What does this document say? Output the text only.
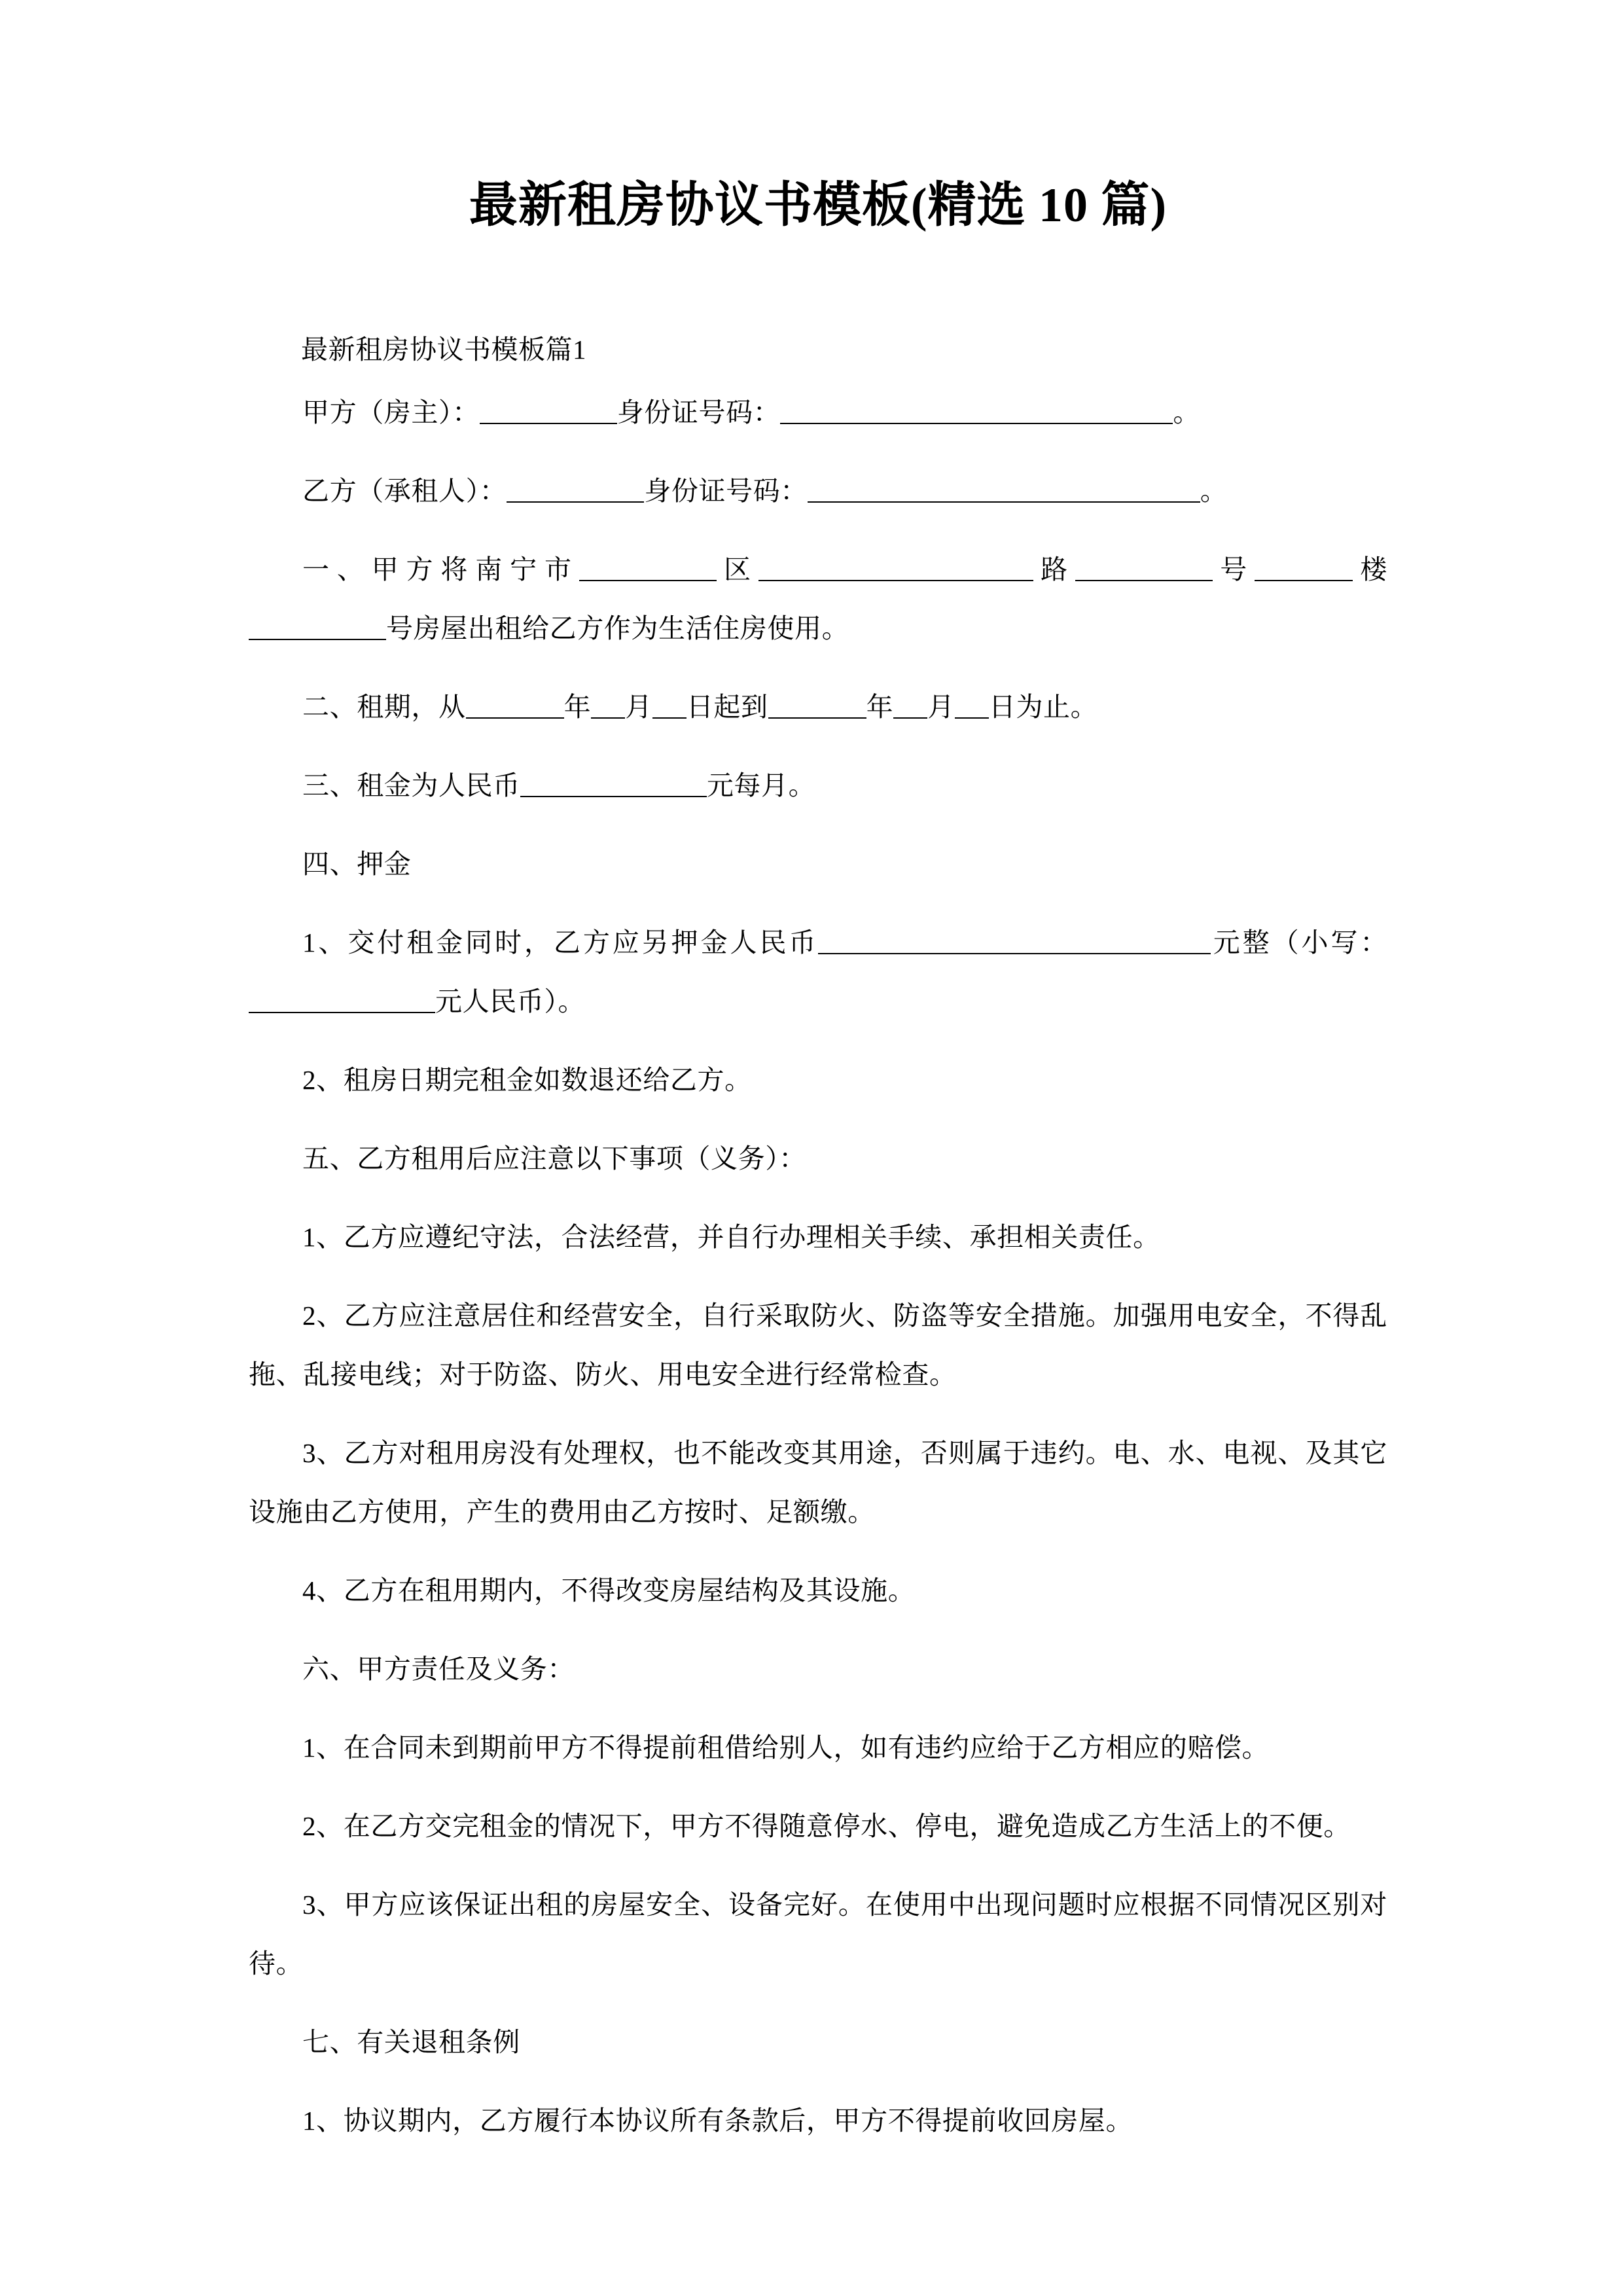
最新租房协议书模板(精选 10 篇)
最新租房协议书模板篇1

甲方（房主）：	身份证号码：	。

乙方（承租人）：	身份证号码：	。

一、甲方将南宁市	区	路	号	楼号房屋出租给乙方作为生活住房使用。

二、租期，从	年 月 日起到	年 月 日为止。

三、租金为人民币	元每月。

四、押金

1、交付租金同时，乙方应另押金人民币	元整（小写：元人民币）。

2、租房日期完租金如数退还给乙方。

五、乙方租用后应注意以下事项（义务）：

1、乙方应遵纪守法，合法经营，并自行办理相关手续、承担相关责任。

2、乙方应注意居住和经营安全，自行采取防火、防盗等安全措施。加强用电安全，不得乱拖、乱接电线；对于防盗、防火、用电安全进行经常检查。

3、乙方对租用房没有处理权，也不能改变其用途，否则属于违约。电、水、电视、及其它设施由乙方使用，产生的费用由乙方按时、足额缴。

4、乙方在租用期内，不得改变房屋结构及其设施。

六、甲方责任及义务：

1、在合同未到期前甲方不得提前租借给别人，如有违约应给于乙方相应的赔偿。

2、在乙方交完租金的情况下，甲方不得随意停水、停电，避免造成乙方生活上的不便。

3、甲方应该保证出租的房屋安全、设备完好。在使用中出现问题时应根据不同情况区别对待。

七、有关退租条例

1、协议期内，乙方履行本协议所有条款后，甲方不得提前收回房屋。
